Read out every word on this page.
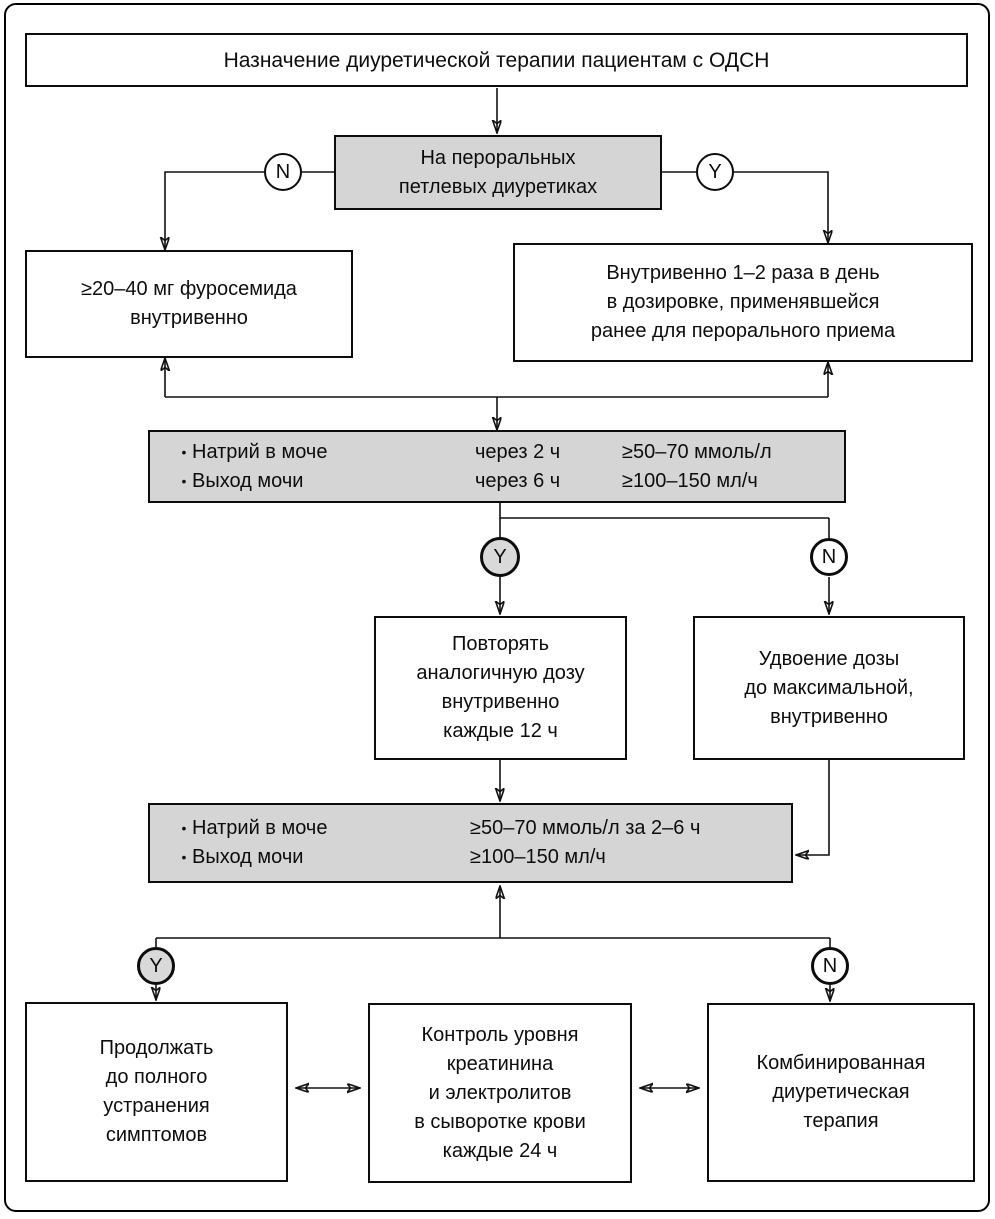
Назначение диуретической терапии пациентам с ОДСН
На пероральных
петлевых диуретиках
N	Y
≥20–40 мг фуросемида
внутривенно
Внутривенно 1–2 раза в день
в дозировке, применявшейся
ранее для перорального приема
• Натрий в моче	через 2 ч	≥50–70 ммоль/л
• Выход мочи	через 6 ч	≥100–150 мл/ч
Y	N
Повторять
аналогичную дозу
внутривенно
каждые 12 ч
Удвоение дозы
до максимальной,
внутривенно
• Натрий в моче	≥50–70 ммоль/л за 2–6 ч
• Выход мочи	≥100–150 мл/ч
Y	N
Продолжать
до полного
устранения
симптомов
Контроль уровня
креатинина
и электролитов
в сыворотке крови
каждые 24 ч
Комбинированная
диуретическая
терапия
